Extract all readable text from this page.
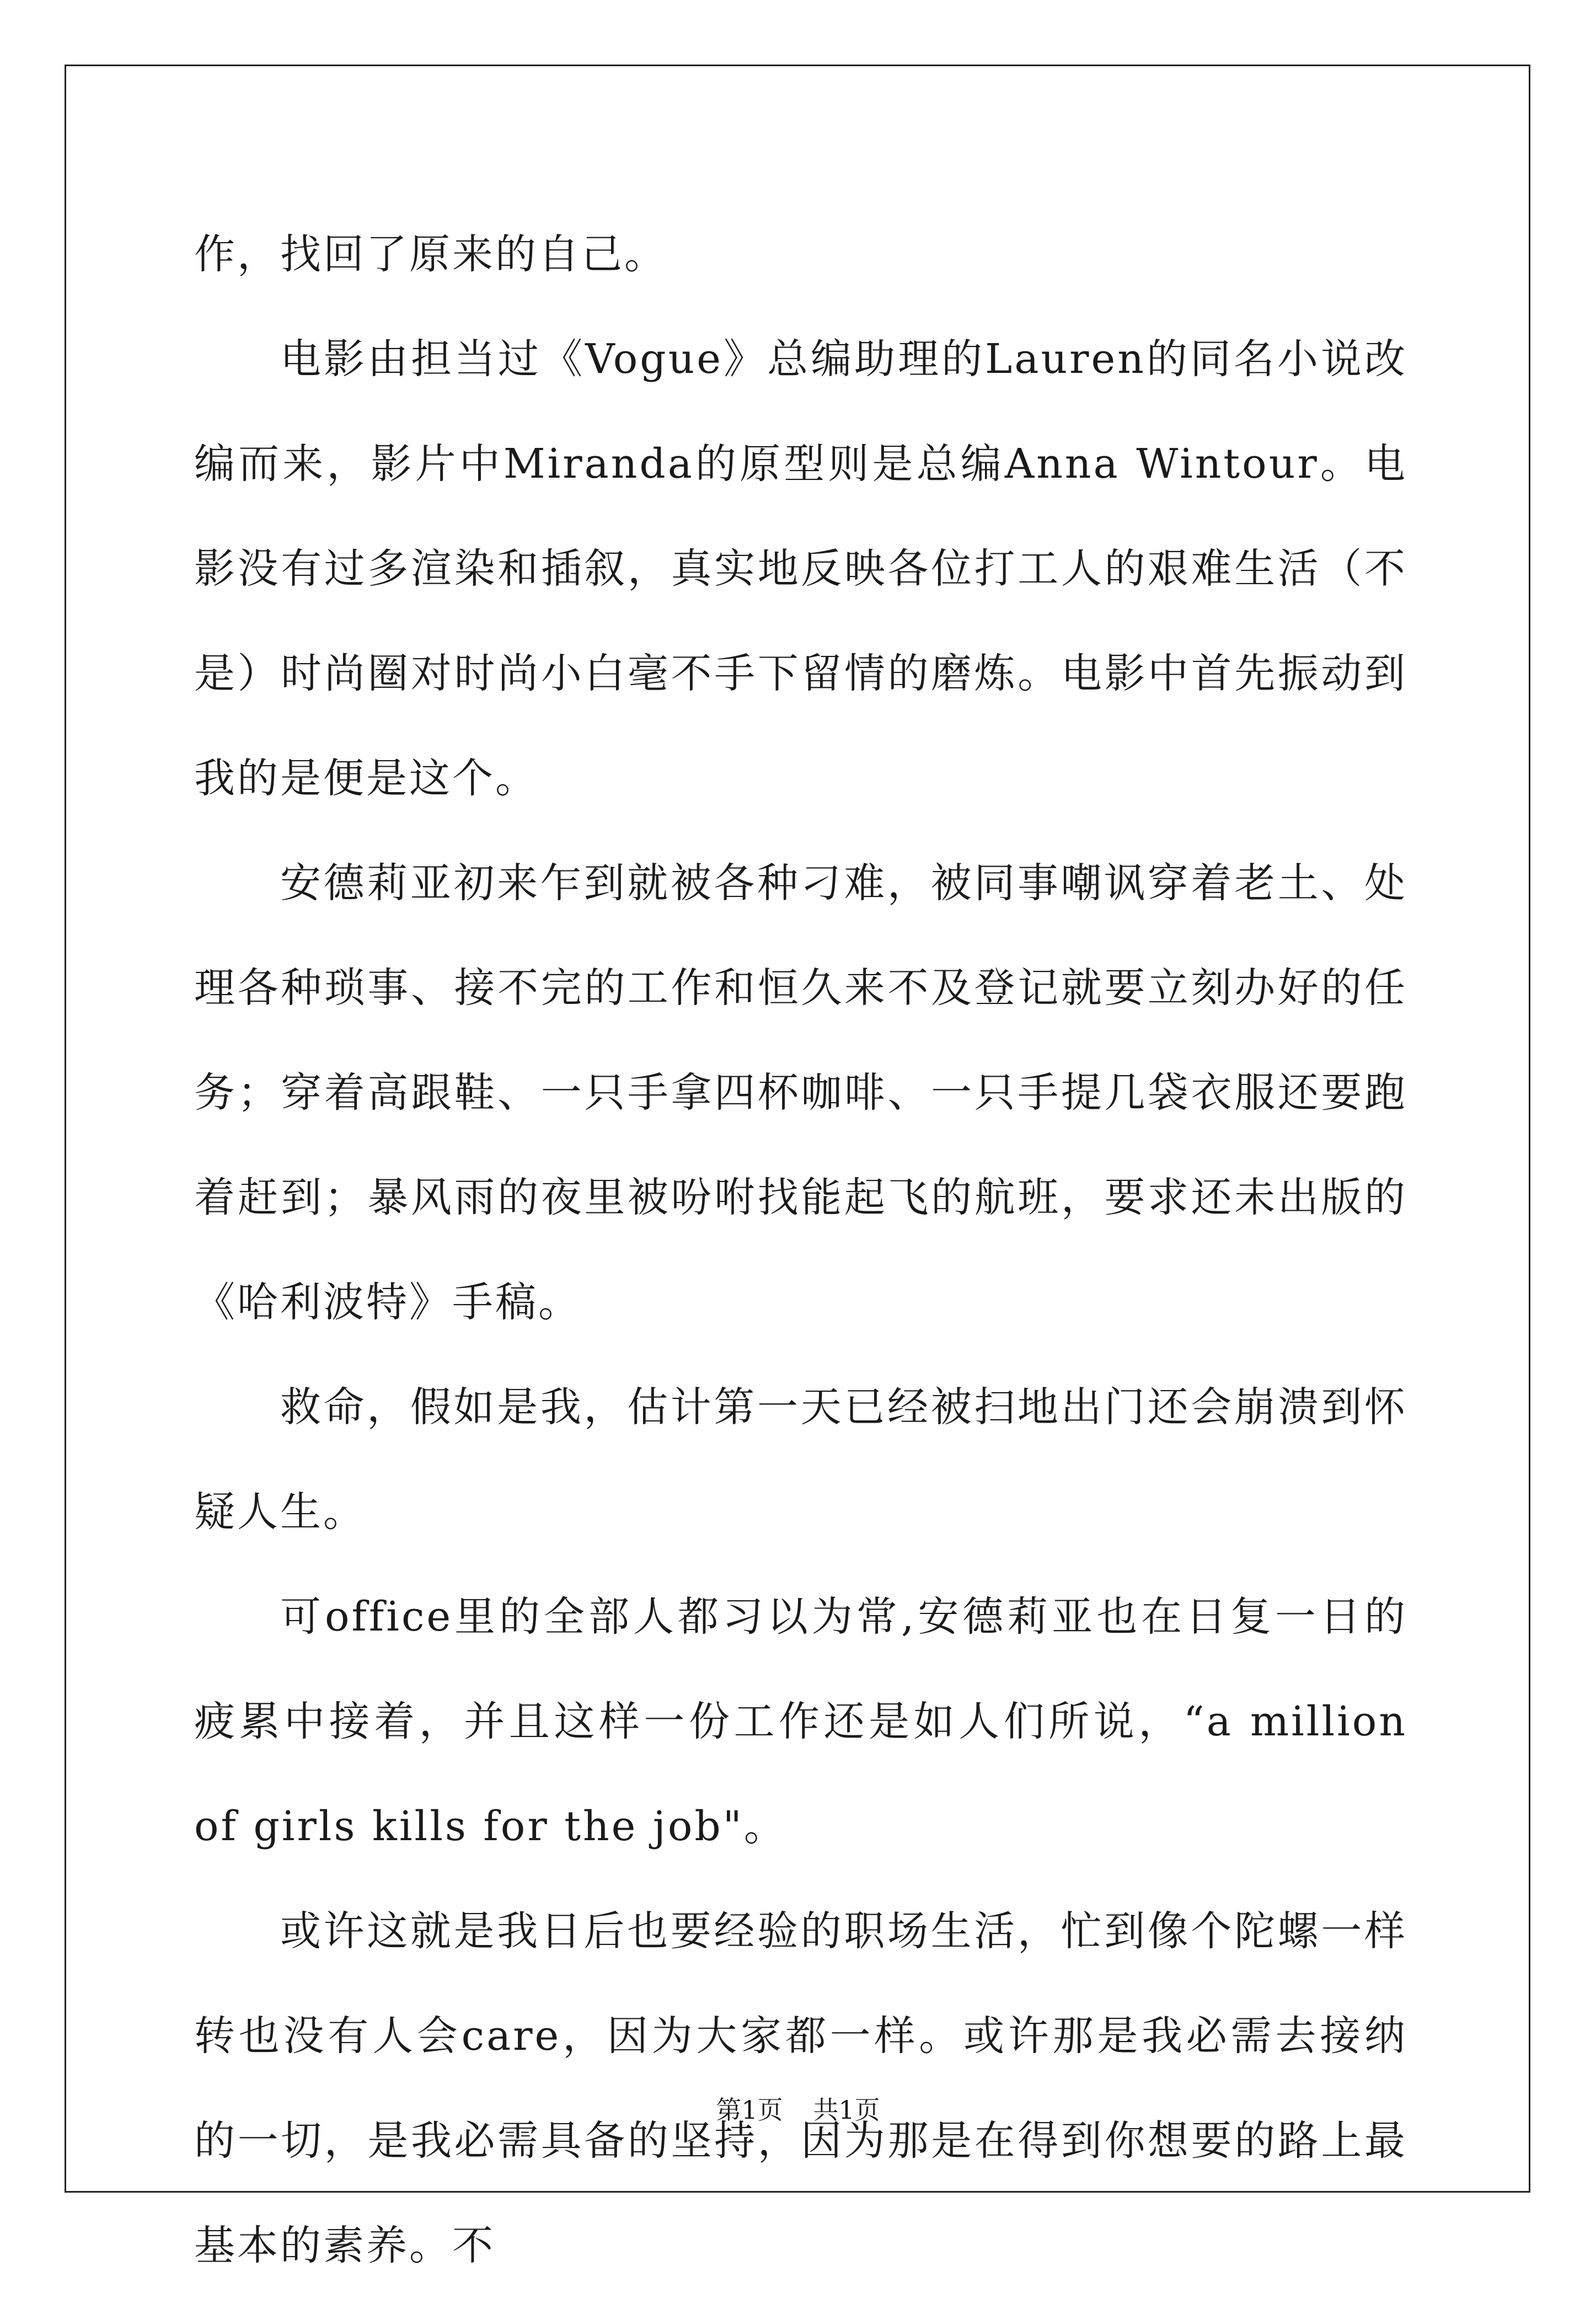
作，找回了原来的自己。

电影由担当过《Vogue》总编助理的Lauren的同名小说改编而来，影片中Miranda的原型则是总编Anna Wintour。电影没有过多渲染和插叙，真实地反映各位打工人的艰难生活（不是）时尚圈对时尚小白毫不手下留情的磨炼。电影中首先振动到我的是便是这个。

安德莉亚初来乍到就被各种刁难，被同事嘲讽穿着老土、处理各种琐事、接不完的工作和恒久来不及登记就要立刻办好的任务；穿着高跟鞋、一只手拿四杯咖啡、一只手提几袋衣服还要跑着赶到；暴风雨的夜里被吩咐找能起飞的航班，要求还未出版的《哈利波特》手稿。

救命，假如是我，估计第一天已经被扫地出门还会崩溃到怀疑人生。

可office里的全部人都习以为常,安德莉亚也在日复一日的疲累中接着，并且这样一份工作还是如人们所说，“a million of girls kills for the job"。

或许这就是我日后也要经验的职场生活，忙到像个陀螺一样转也没有人会care，因为大家都一样。或许那是我必需去接纳的一切，是我必需具备的坚持，因为那是在得到你想要的路上最基本的素养。不

第1页 共1页
